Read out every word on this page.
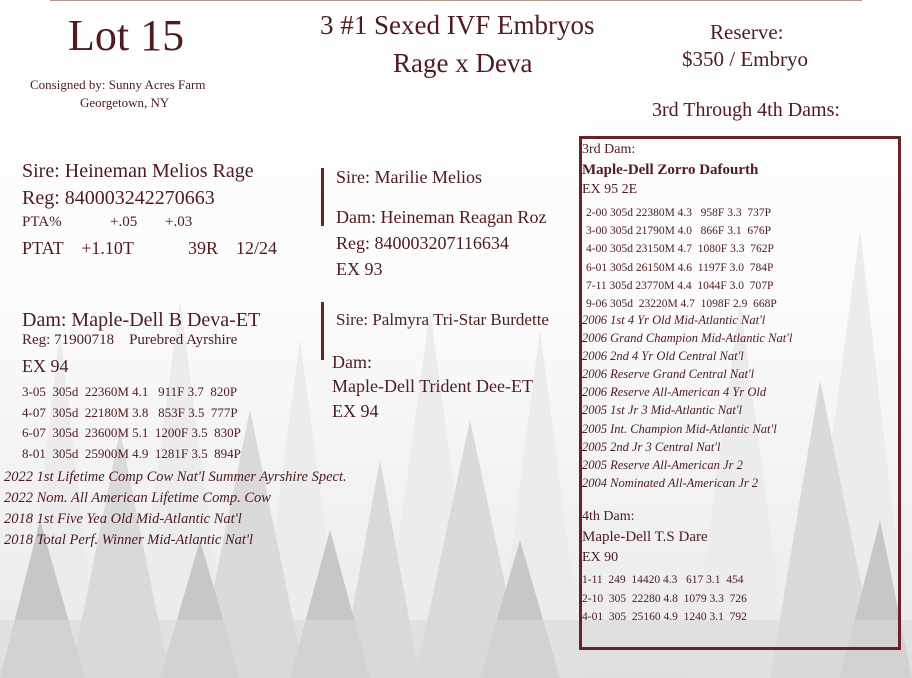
Lot 15
Consigned by: Sunny Acres Farm
Georgetown, NY
3 #1 Sexed IVF Embryos
Rage x Deva
Reserve:
$350 / Embryo
3rd Through 4th Dams:
Sire: Heineman Melios Rage
Reg: 840003242270663
PTA%	+.05 +.03
PTAT    +1.10T	39R 12/24
Sire: Marilie Melios
Dam: Heineman Reagan Roz
Reg: 840003207116634
EX 93
Dam: Maple-Dell B Deva-ET
Reg: 71900718    Purebred Ayrshire
EX 94
3-05  305d  22360M 4.1   911F 3.7  820P
4-07  305d  22180M 3.8   853F 3.5  777P
6-07  305d  23600M 5.1  1200F 3.5  830P
8-01  305d  25900M 4.9  1281F 3.5  894P
2022 1st Lifetime Comp Cow Nat'l Summer Ayrshire Spect.
2022 Nom. All American Lifetime Comp. Cow
2018 1st Five Yea Old Mid-Atlantic Nat'l
2018 Total Perf. Winner Mid-Atlantic Nat'l
Sire: Palmyra Tri-Star Burdette
Dam:
Maple-Dell Trident Dee-ET
EX 94
3rd Dam:
Maple-Dell Zorro Dafourth
EX 95 2E
2-00 305d 22380M 4.3   958F 3.3  737P
3-00 305d 21790M 4.0   866F 3.1  676P
4-00 305d 23150M 4.7  1080F 3.3  762P
6-01 305d 26150M 4.6  1197F 3.0  784P
7-11 305d 23770M 4.4  1044F 3.0  707P
9-06 305d  23220M 4.7  1098F 2.9  668P
2006 1st 4 Yr Old Mid-Atlantic Nat'l
2006 Grand Champion Mid-Atlantic Nat'l
2006 2nd 4 Yr Old Central Nat'l
2006 Reserve Grand Central Nat'l
2006 Reserve All-American 4 Yr Old
2005 1st Jr 3 Mid-Atlantic Nat'l
2005 Int. Champion Mid-Atlantic Nat'l
2005 2nd Jr 3 Central Nat'l
2005 Reserve All-American Jr 2
2004 Nominated All-American Jr 2
4th Dam:
Maple-Dell T.S Dare
EX 90
1-11  249  14420 4.3   617 3.1  454
2-10  305  22280 4.8  1079 3.3  726
4-01  305  25160 4.9  1240 3.1  792
